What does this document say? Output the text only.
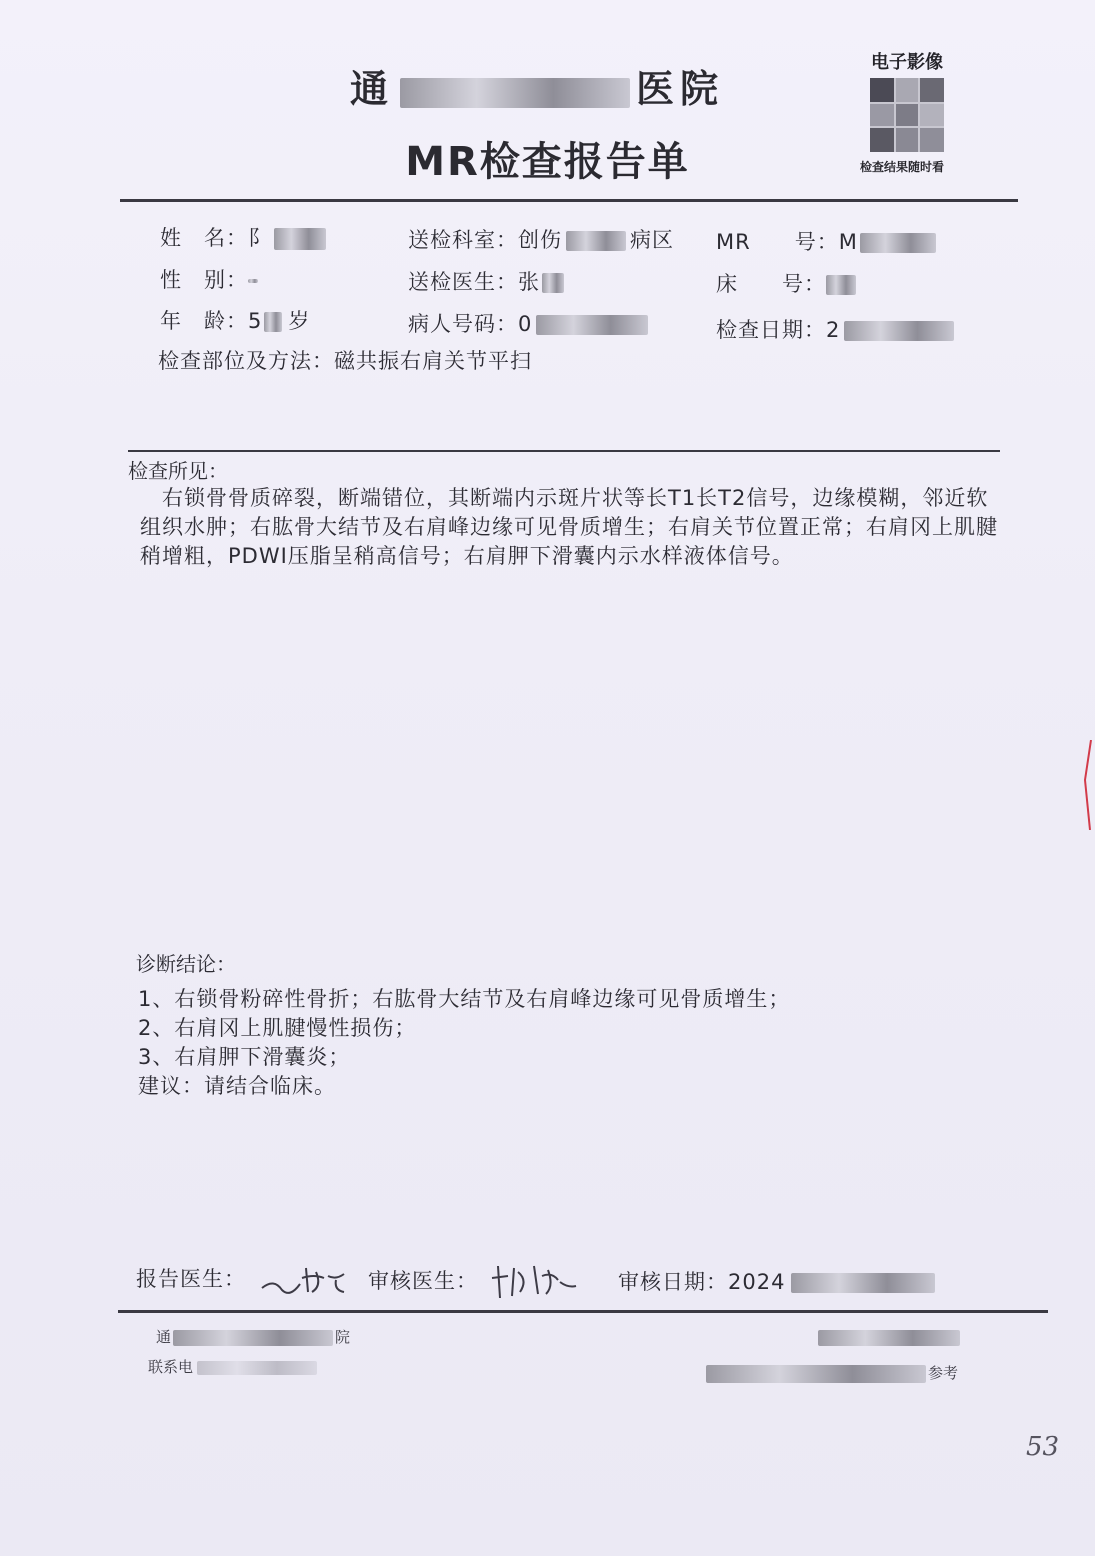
通	医院
电子影像
检查结果随时看
MR检查报告单
姓　名：阝
性　别：
年　龄：5 岁
送检科室：创伤	病区
送检医生：张
病人号码：0
MR　　号：M
床　　号：
检查日期：2
检查部位及方法：磁共振右肩关节平扫
检查所见：

右锁骨骨质碎裂，断端错位，其断端内示斑片状等长T1长T2信号，边缘模糊，邻近软组织水肿；右肱骨大结节及右肩峰边缘可见骨质增生；右肩关节位置正常；右肩冈上肌腱稍增粗，PDWI压脂呈稍高信号；右肩胛下滑囊内示水样液体信号。

诊断结论：
1、右锁骨粉碎性骨折；右肱骨大结节及右肩峰边缘可见骨质增生；
2、右肩冈上肌腱慢性损伤；
3、右肩胛下滑囊炎；
建议：请结合临床。
报告医生：	审核医生：	审核日期：2024
通	院
联系电	参考
53
